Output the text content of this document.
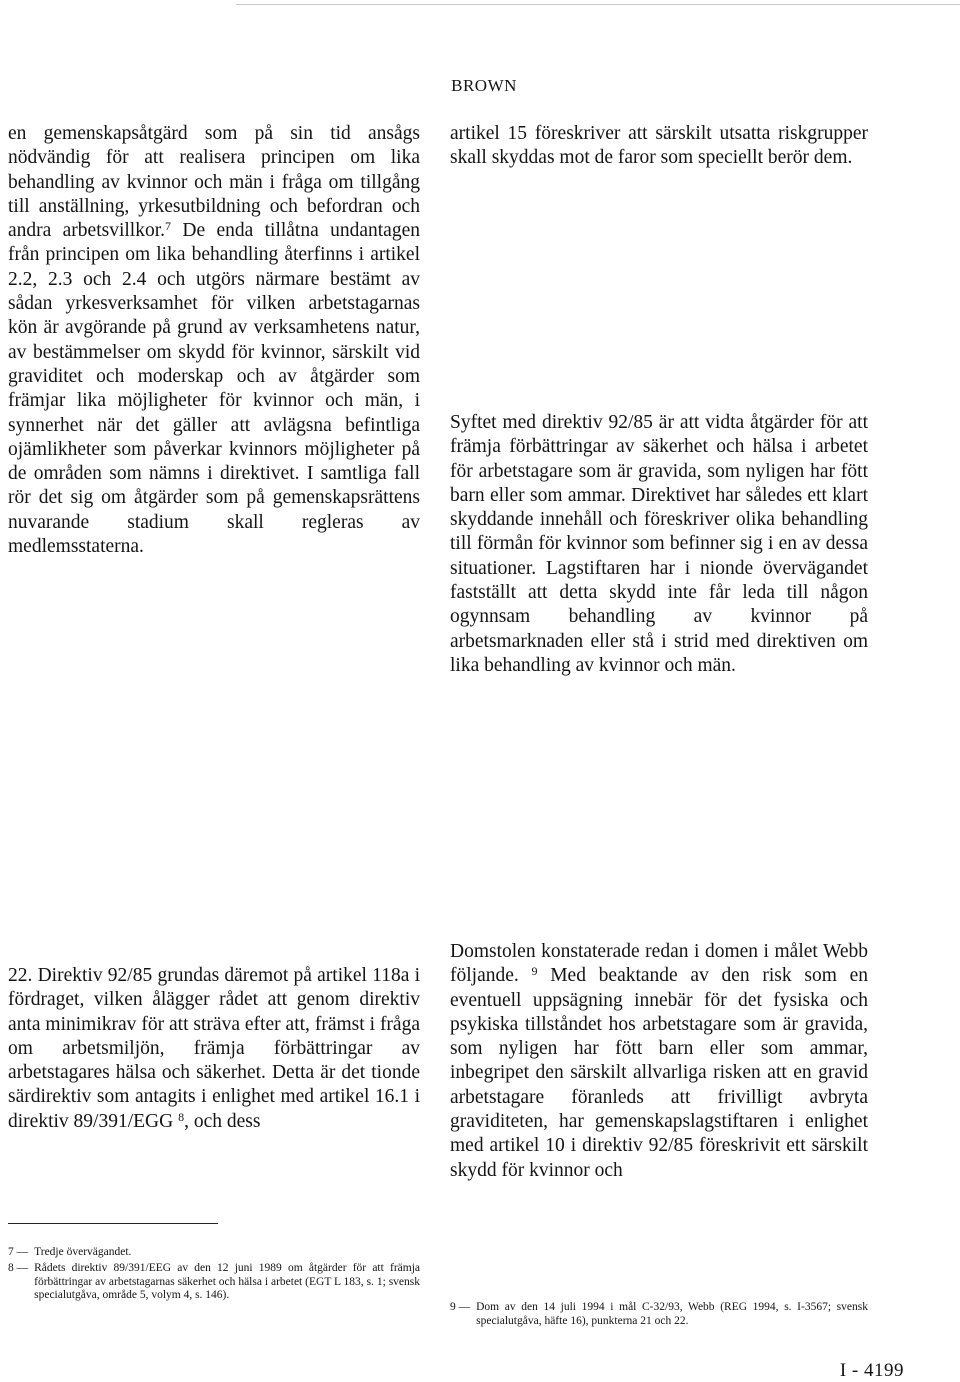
BROWN

en gemenskapsåtgärd som på sin tid ansågs nödvändig för att realisera principen om lika behandling av kvinnor och män i fråga om tillgång till anställning, yrkesutbildning och befordran och andra arbetsvillkor.$^7$ De enda tillåtna undantagen från principen om lika behandling återfinns i artikel 2.2, 2.3 och 2.4 och utgörs närmare bestämt av sådan yrkesverksamhet för vilken arbetstagarnas kön är avgörande på grund av verksamhetens natur, av bestämmelser om skydd för kvinnor, särskilt vid graviditet och moderskap och av åtgärder som främjar lika möjligheter för kvinnor och män, i synnerhet när det gäller att avlägsna befintliga ojämlikheter som påverkar kvinnors möjligheter på de områden som nämns i direktivet. I samtliga fall rör det sig om åtgärder som på gemenskapsrättens nuvarande stadium skall regleras av medlemsstaterna.

artikel 15 föreskriver att särskilt utsatta riskgrupper skall skyddas mot de faror som speciellt berör dem.

Syftet med direktiv 92/85 är att vidta åtgärder för att främja förbättringar av säkerhet och hälsa i arbetet för arbetstagare som är gravida, som nyligen har fött barn eller som ammar. Direktivet har således ett klart skyddande innehåll och föreskriver olika behandling till förmån för kvinnor som befinner sig i en av dessa situationer. Lagstiftaren har i nionde övervägandet fastställt att detta skydd inte får leda till någon ogynnsam behandling av kvinnor på arbetsmarknaden eller stå i strid med direktiven om lika behandling av kvinnor och män.

22. Direktiv 92/85 grundas däremot på artikel 118a i fördraget, vilken ålägger rådet att genom direktiv anta minimikrav för att sträva efter att, främst i fråga om arbetsmiljön, främja förbättringar av arbetstagares hälsa och säkerhet. Detta är det tionde särdirektiv som antagits i enlighet med artikel 16.1 i direktiv 89/391/EGG $^8$, och dess

Domstolen konstaterade redan i domen i målet Webb följande. $^9$ Med beaktande av den risk som en eventuell uppsägning innebär för det fysiska och psykiska tillståndet hos arbetstagare som är gravida, som nyligen har fött barn eller som ammar, inbegripet den särskilt allvarliga risken att en gravid arbetstagare föranleds att frivilligt avbryta graviditeten, har gemenskapslagstiftaren i enlighet med artikel 10 i direktiv 92/85 föreskrivit ett särskilt skydd för kvinnor och

7 — Tredje övervägandet.
8 — Rådets direktiv 89/391/EEG av den 12 juni 1989 om åtgärder för att främja förbättringar av arbetstagarnas säkerhet och hälsa i arbetet (EGT L 183, s. 1; svensk specialutgåva, område 5, volym 4, s. 146).
9 — Dom av den 14 juli 1994 i mål C-32/93, Webb (REG 1994, s. I-3567; svensk specialutgåva, häfte 16), punkterna 21 och 22.
I - 4199
